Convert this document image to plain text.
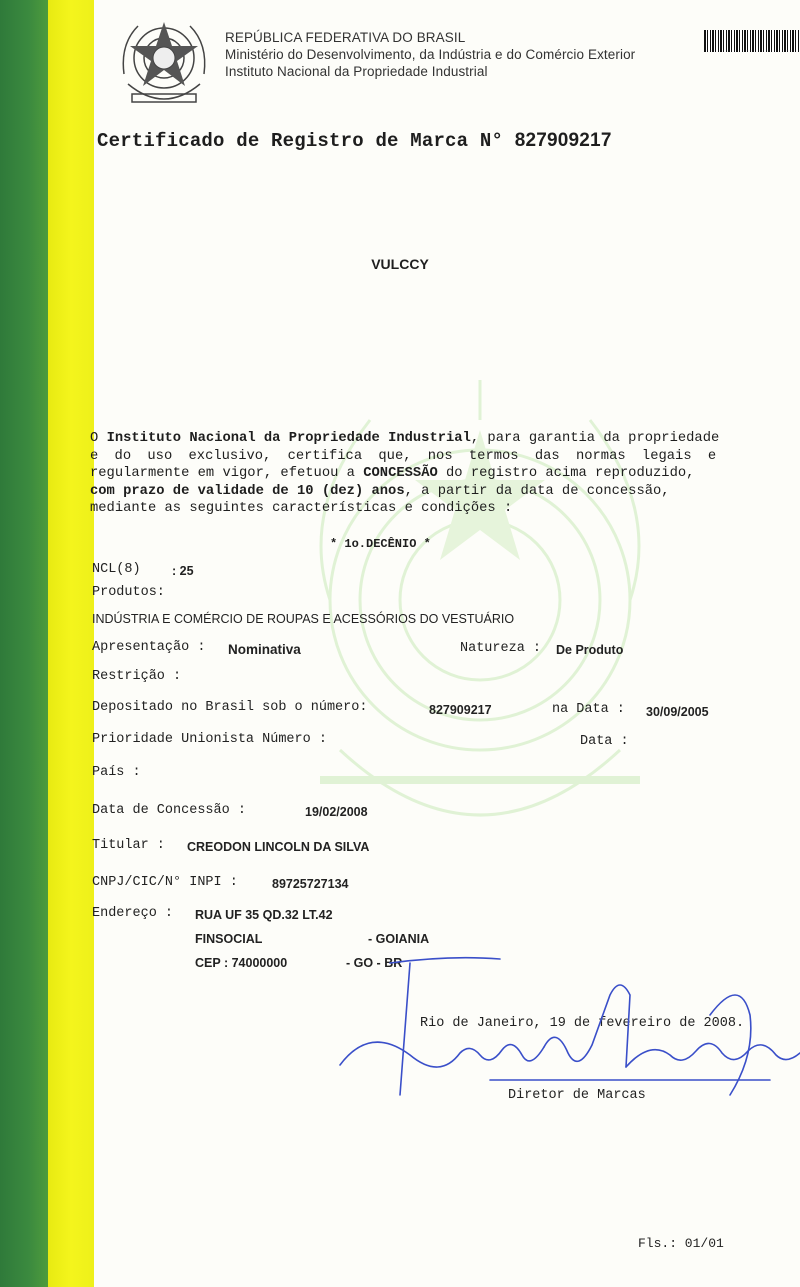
REPÚBLICA FEDERATIVA DO BRASIL
Ministério do Desenvolvimento, da Indústria e do Comércio Exterior
Instituto Nacional da Propriedade Industrial
Certificado de Registro de Marca N° 827909217
VULCCY
O Instituto Nacional da Propriedade Industrial, para garantia da propriedade
e do uso exclusivo, certifica que, nos termos das normas legais e
regularmente em vigor, efetuou a CONCESSÃO do registro acima reproduzido,
com prazo de validade de 10 (dez) anos, a partir da data de concessão,
mediante as seguintes características e condições :
* 1o.DECÊNIO *
NCL(8)	: 25
Produtos:
INDÚSTRIA E COMÉRCIO DE ROUPAS E ACESSÓRIOS DO VESTUÁRIO
Apresentação : Nominativa	Natureza : De Produto
Restrição :
Depositado no Brasil sob o número:	827909217	na Data : 30/09/2005
Prioridade Unionista Número :	Data :
País :
Data de Concessão :	19/02/2008
Titular : CREODON LINCOLN DA SILVA
CNPJ/CIC/N° INPI :	89725727134
Endereço : RUA UF 35 QD.32 LT.42
FINSOCIAL	- GOIANIA
CEP : 74000000	- GO - BR
Rio de Janeiro, 19 de fevereiro de 2008.
Diretor de Marcas
Fls.: 01/01
